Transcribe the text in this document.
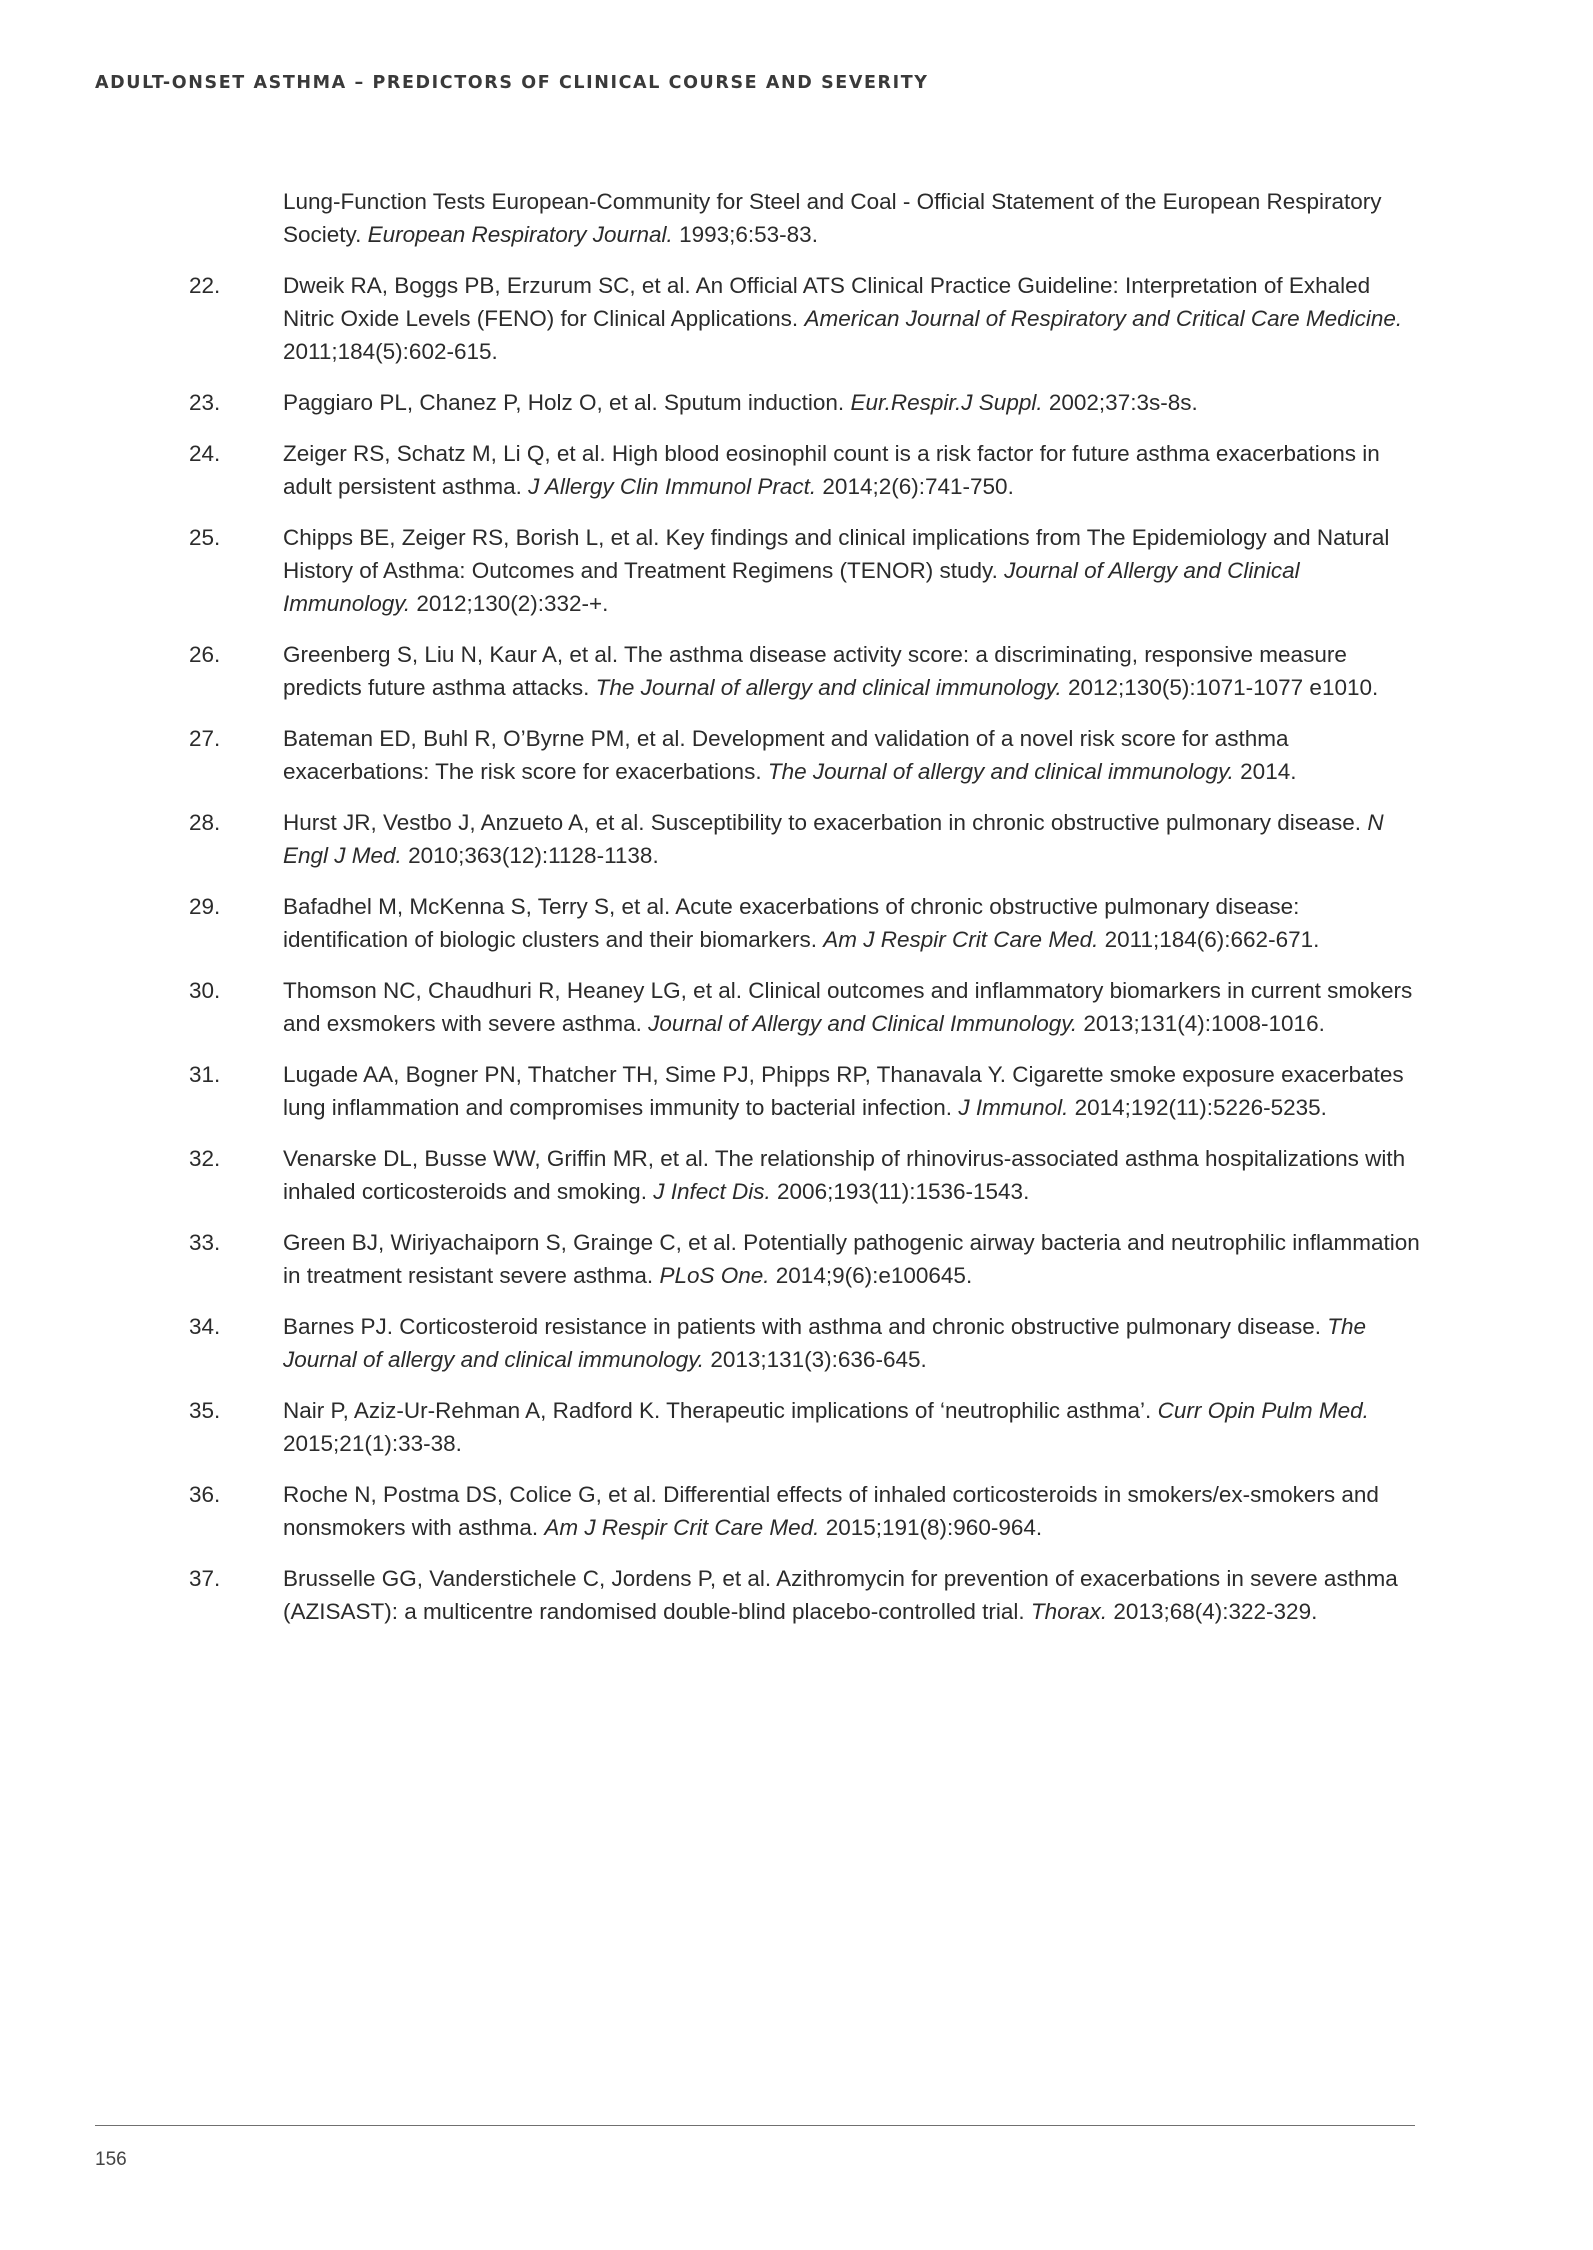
ADULT-ONSET ASTHMA – PREDICTORS OF CLINICAL COURSE AND SEVERITY
Lung-Function Tests European-Community for Steel and Coal - Official Statement of the European Respiratory Society. European Respiratory Journal. 1993;6:53-83.
22.	Dweik RA, Boggs PB, Erzurum SC, et al. An Official ATS Clinical Practice Guideline: Interpretation of Exhaled Nitric Oxide Levels (FENO) for Clinical Applications. American Journal of Respiratory and Critical Care Medicine. 2011;184(5):602-615.
23.	Paggiaro PL, Chanez P, Holz O, et al. Sputum induction. Eur.Respir.J Suppl. 2002;37:3s-8s.
24.	Zeiger RS, Schatz M, Li Q, et al. High blood eosinophil count is a risk factor for future asthma exacerbations in adult persistent asthma. J Allergy Clin Immunol Pract. 2014;2(6):741-750.
25.	Chipps BE, Zeiger RS, Borish L, et al. Key findings and clinical implications from The Epidemiology and Natural History of Asthma: Outcomes and Treatment Regimens (TENOR) study. Journal of Allergy and Clinical Immunology. 2012;130(2):332-+.
26.	Greenberg S, Liu N, Kaur A, et al. The asthma disease activity score: a discriminating, responsive measure predicts future asthma attacks. The Journal of allergy and clinical immunology. 2012;130(5):1071-1077 e1010.
27.	Bateman ED, Buhl R, O’Byrne PM, et al. Development and validation of a novel risk score for asthma exacerbations: The risk score for exacerbations. The Journal of allergy and clinical immunology. 2014.
28.	Hurst JR, Vestbo J, Anzueto A, et al. Susceptibility to exacerbation in chronic obstructive pulmonary disease. N Engl J Med. 2010;363(12):1128-1138.
29.	Bafadhel M, McKenna S, Terry S, et al. Acute exacerbations of chronic obstructive pulmonary disease: identification of biologic clusters and their biomarkers. Am J Respir Crit Care Med. 2011;184(6):662-671.
30.	Thomson NC, Chaudhuri R, Heaney LG, et al. Clinical outcomes and inflammatory biomarkers in current smokers and exsmokers with severe asthma. Journal of Allergy and Clinical Immunology. 2013;131(4):1008-1016.
31.	Lugade AA, Bogner PN, Thatcher TH, Sime PJ, Phipps RP, Thanavala Y. Cigarette smoke exposure exacerbates lung inflammation and compromises immunity to bacterial infection. J Immunol. 2014;192(11):5226-5235.
32.	Venarske DL, Busse WW, Griffin MR, et al. The relationship of rhinovirus-associated asthma hospitalizations with inhaled corticosteroids and smoking. J Infect Dis. 2006;193(11):1536-1543.
33.	Green BJ, Wiriyachaiporn S, Grainge C, et al. Potentially pathogenic airway bacteria and neutrophilic inflammation in treatment resistant severe asthma. PLoS One. 2014;9(6):e100645.
34.	Barnes PJ. Corticosteroid resistance in patients with asthma and chronic obstructive pulmonary disease. The Journal of allergy and clinical immunology. 2013;131(3):636-645.
35.	Nair P, Aziz-Ur-Rehman A, Radford K. Therapeutic implications of ‘neutrophilic asthma’. Curr Opin Pulm Med. 2015;21(1):33-38.
36.	Roche N, Postma DS, Colice G, et al. Differential effects of inhaled corticosteroids in smokers/ex-smokers and nonsmokers with asthma. Am J Respir Crit Care Med. 2015;191(8):960-964.
37.	Brusselle GG, Vanderstichele C, Jordens P, et al. Azithromycin for prevention of exacerbations in severe asthma (AZISAST): a multicentre randomised double-blind placebo-controlled trial. Thorax. 2013;68(4):322-329.
156
